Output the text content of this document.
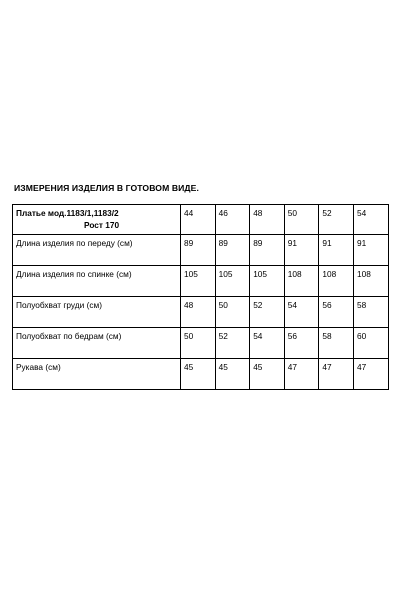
ИЗМЕРЕНИЯ ИЗДЕЛИЯ В ГОТОВОМ ВИДЕ.
Платье мод.1183/1,1183/2
Рост 170	44	46	48	50	52	54
Длина изделия по переду (см)	89	89	89	91	91	91
Длина изделия по спинке (см)	105	105	105	108	108	108
Полуобхват груди (см)	48	50	52	54	56	58
Полуобхват по бедрам (см)	50	52	54	56	58	60
Рукава (см)	45	45	45	47	47	47
